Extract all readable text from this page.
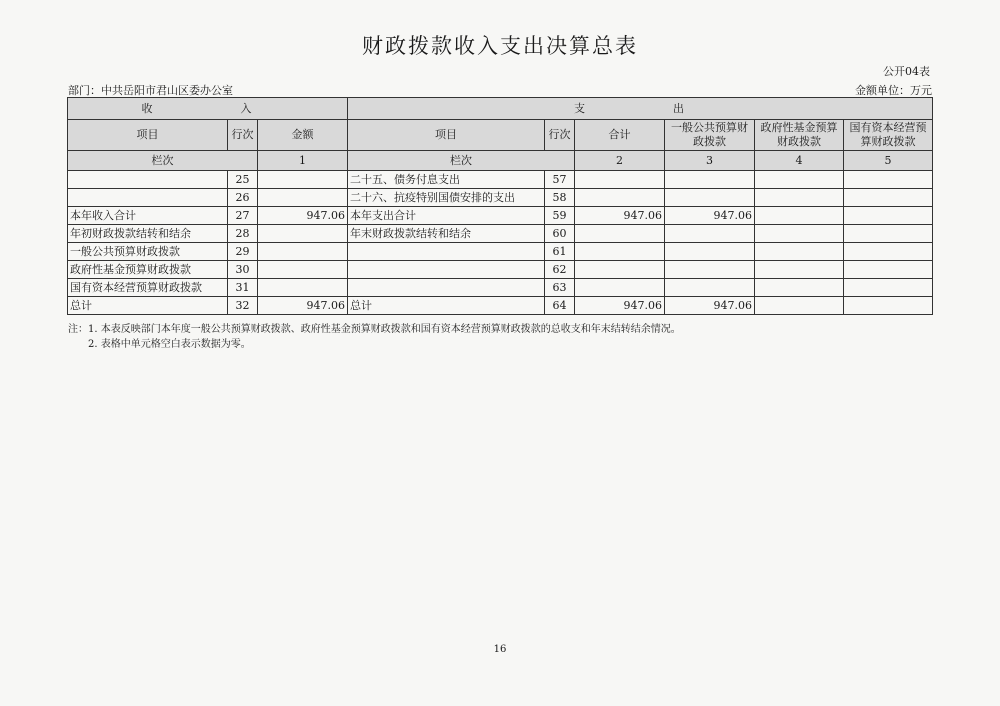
财政拨款收入支出决算总表
公开04表
部门：中共岳阳市君山区委办公室	金额单位：万元
收　　入			支　　出					
项目	行次	金额	项目	行次	合计	一般公共预算财政拨款	政府性基金预算财政拨款	国有资本经营预算财政拨款
栏次		1	栏次		2	3	4	5
	25		二十五、债务付息支出	57				
	26		二十六、抗疫特别国债安排的支出	58				
本年收入合计	27	947.06	本年支出合计	59	947.06	947.06		
年初财政拨款结转和结余	28		年末财政拨款结转和结余	60				
一般公共预算财政拨款	29			61				
政府性基金预算财政拨款	30			62				
国有资本经营预算财政拨款	31			63				
总计	32	947.06	总计	64	947.06	947.06		
注：1. 本表反映部门本年度一般公共预算财政拨款、政府性基金预算财政拨款和国有资本经营预算财政拨款的总收支和年末结转结余情况。
2. 表格中单元格空白表示数据为零。
16
